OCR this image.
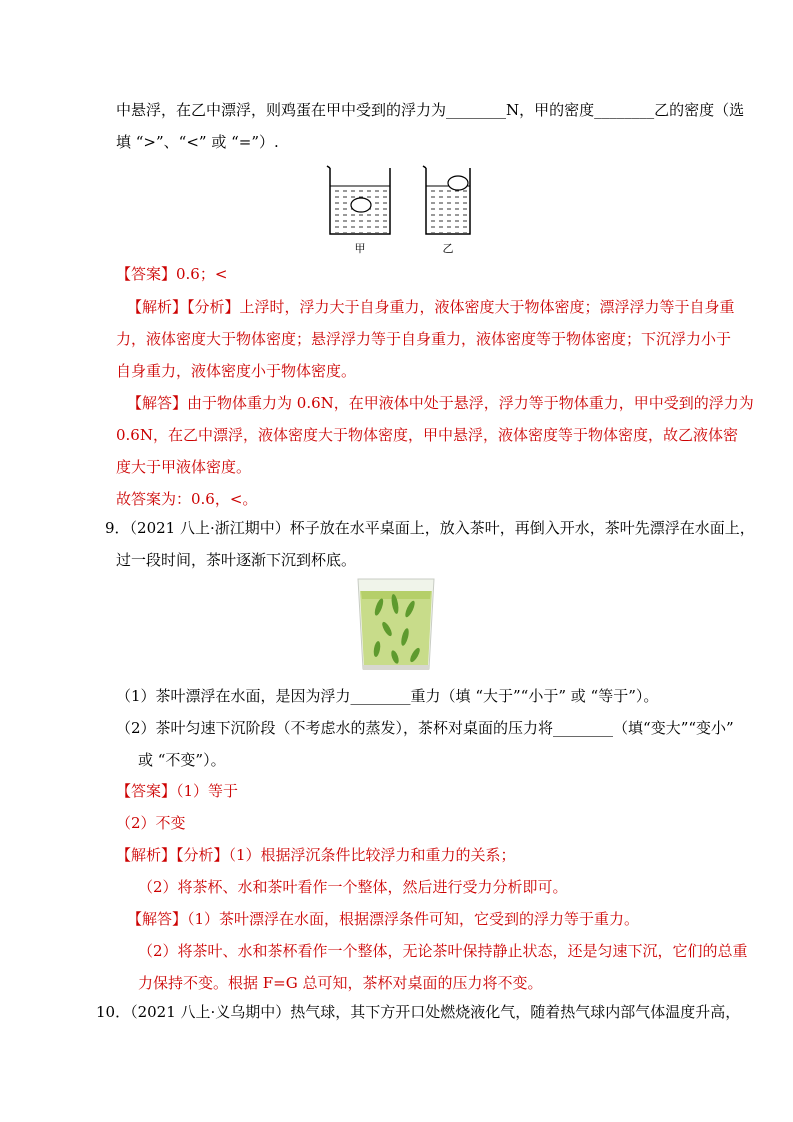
中悬浮，在乙中漂浮，则鸡蛋在甲中受到的浮力为________N，甲的密度________乙的密度（选
填 “>”、“<” 或 “=”）.
甲	乙
【答案】0.6；<
【解析】【分析】上浮时，浮力大于自身重力，液体密度大于物体密度；漂浮浮力等于自身重
力，液体密度大于物体密度；悬浮浮力等于自身重力，液体密度等于物体密度；下沉浮力小于
自身重力，液体密度小于物体密度。
【解答】由于物体重力为 0.6N，在甲液体中处于悬浮，浮力等于物体重力，甲中受到的浮力为
0.6N，在乙中漂浮，液体密度大于物体密度，甲中悬浮，液体密度等于物体密度，故乙液体密
度大于甲液体密度。
故答案为：0.6，<。
9．（2021 八上·浙江期中）杯子放在水平桌面上，放入茶叶，再倒入开水，茶叶先漂浮在水面上，
过一段时间，茶叶逐渐下沉到杯底。
（1）茶叶漂浮在水面，是因为浮力________重力（填 “大于”“小于” 或 “等于”）。
（2）茶叶匀速下沉阶段（不考虑水的蒸发），茶杯对桌面的压力将________（填“变大”“变小”
或 “不变”）。
【答案】（1）等于
（2）不变
【解析】【分析】（1）根据浮沉条件比较浮力和重力的关系；
（2）将茶杯、水和茶叶看作一个整体，然后进行受力分析即可。
【解答】（1）茶叶漂浮在水面，根据漂浮条件可知，它受到的浮力等于重力。
（2）将茶叶、水和茶杯看作一个整体，无论茶叶保持静止状态，还是匀速下沉，它们的总重
力保持不变。根据 F=G 总可知，茶杯对桌面的压力将不变。
10．（2021 八上·义乌期中）热气球，其下方开口处燃烧液化气，随着热气球内部气体温度升高，
